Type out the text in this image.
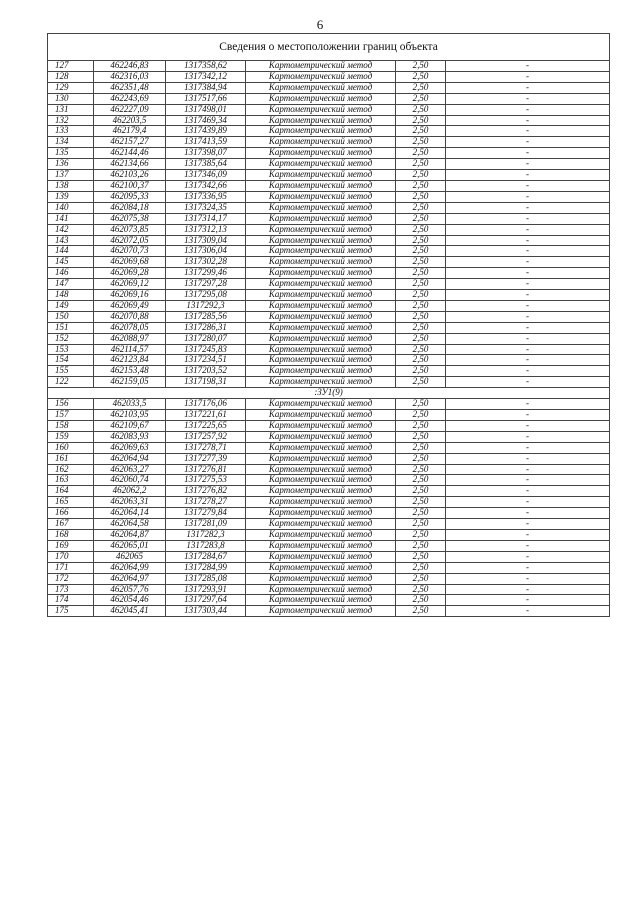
6
Сведения о местоположении границ объекта					
127	462246,83	1317358,62	Картометрический метод	2,50	-
128	462316,03	1317342,12	Картометрический метод	2,50	-
129	462351,48	1317384,94	Картометрический метод	2,50	-
130	462243,69	1317517,66	Картометрический метод	2,50	-
131	462227,09	1317498,01	Картометрический метод	2,50	-
132	462203,5	1317469,34	Картометрический метод	2,50	-
133	462179,4	1317439,89	Картометрический метод	2,50	-
134	462157,27	1317413,59	Картометрический метод	2,50	-
135	462144,46	1317398,07	Картометрический метод	2,50	-
136	462134,66	1317385,64	Картометрический метод	2,50	-
137	462103,26	1317346,09	Картометрический метод	2,50	-
138	462100,37	1317342,66	Картометрический метод	2,50	-
139	462095,33	1317336,95	Картометрический метод	2,50	-
140	462084,18	1317324,35	Картометрический метод	2,50	-
141	462075,38	1317314,17	Картометрический метод	2,50	-
142	462073,85	1317312,13	Картометрический метод	2,50	-
143	462072,05	1317309,04	Картометрический метод	2,50	-
144	462070,73	1317306,04	Картометрический метод	2,50	-
145	462069,68	1317302,28	Картометрический метод	2,50	-
146	462069,28	1317299,46	Картометрический метод	2,50	-
147	462069,12	1317297,28	Картометрический метод	2,50	-
148	462069,16	1317295,08	Картометрический метод	2,50	-
149	462069,49	1317292,3	Картометрический метод	2,50	-
150	462070,88	1317285,56	Картометрический метод	2,50	-
151	462078,05	1317286,31	Картометрический метод	2,50	-
152	462088,97	1317280,07	Картометрический метод	2,50	-
153	462114,57	1317245,83	Картометрический метод	2,50	-
154	462123,84	1317234,51	Картометрический метод	2,50	-
155	462153,48	1317203,52	Картометрический метод	2,50	-
122	462159,05	1317198,31	Картометрический метод	2,50	-
:ЗУ1(9)					
156	462033,5	1317176,06	Картометрический метод	2,50	-
157	462103,95	1317221,61	Картометрический метод	2,50	-
158	462109,67	1317225,65	Картометрический метод	2,50	-
159	462083,93	1317257,92	Картометрический метод	2,50	-
160	462069,63	1317278,71	Картометрический метод	2,50	-
161	462064,94	1317277,39	Картометрический метод	2,50	-
162	462063,27	1317276,81	Картометрический метод	2,50	-
163	462060,74	1317275,53	Картометрический метод	2,50	-
164	462062,2	1317276,82	Картометрический метод	2,50	-
165	462063,31	1317278,27	Картометрический метод	2,50	-
166	462064,14	1317279,84	Картометрический метод	2,50	-
167	462064,58	1317281,09	Картометрический метод	2,50	-
168	462064,87	1317282,3	Картометрический метод	2,50	-
169	462065,01	1317283,8	Картометрический метод	2,50	-
170	462065	1317284,67	Картометрический метод	2,50	-
171	462064,99	1317284,99	Картометрический метод	2,50	-
172	462064,97	1317285,08	Картометрический метод	2,50	-
173	462057,76	1317293,91	Картометрический метод	2,50	-
174	462054,46	1317297,64	Картометрический метод	2,50	-
175	462045,41	1317303,44	Картометрический метод	2,50	-
